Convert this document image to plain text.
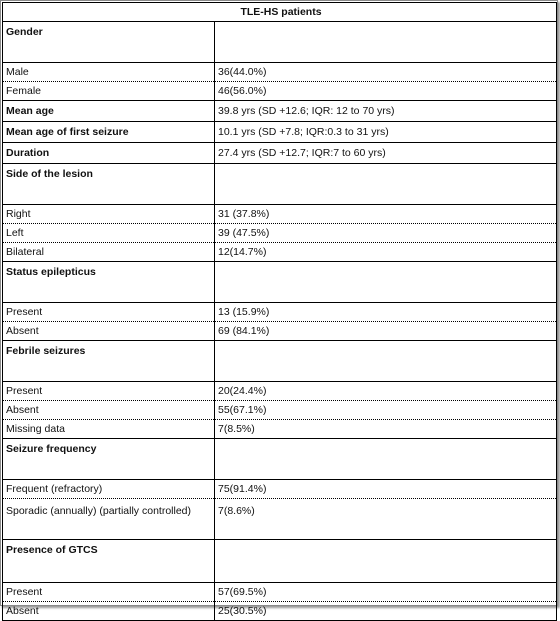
TLE-HS patients	
Gender	
Male	36(44.0%)
Female	46(56.0%)
Mean age	39.8 yrs (SD +12.6; IQR: 12 to 70 yrs)
Mean age of first seizure	10.1 yrs (SD +7.8; IQR:0.3 to 31 yrs)
Duration	27.4 yrs (SD +12.7; IQR:7 to 60 yrs)
Side of the lesion	
Right	31 (37.8%)
Left	39 (47.5%)
Bilateral	12(14.7%)
Status epilepticus	
Present	13 (15.9%)
Absent	69 (84.1%)
Febrile seizures	
Present	20(24.4%)
Absent	55(67.1%)
Missing data	7(8.5%)
Seizure frequency	
Frequent (refractory)	75(91.4%)
Sporadic (annually) (partially controlled)	7(8.6%)
Presence of GTCS	
Present	57(69.5%)
Absent	25(30.5%)
